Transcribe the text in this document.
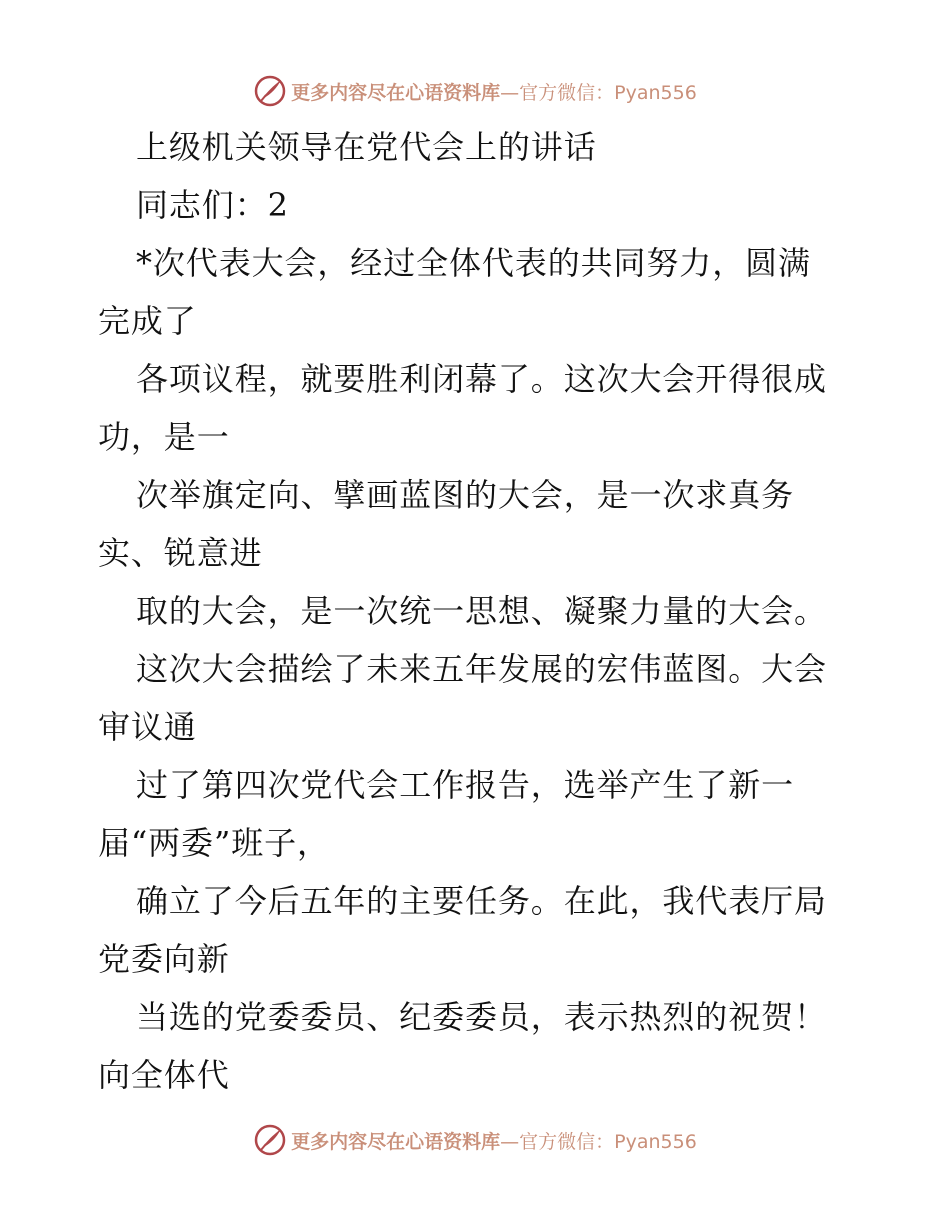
更多内容尽在心语资料库—官方微信：Pyan556
上级机关领导在党代会上的讲话
同志们：2
*次代表大会，经过全体代表的共同努力，圆满
完成了
各项议程，就要胜利闭幕了。这次大会开得很成
功，是一
次举旗定向、擘画蓝图的大会，是一次求真务
实、锐意进
取的大会，是一次统一思想、凝聚力量的大会。
这次大会描绘了未来五年发展的宏伟蓝图。大会
审议通
过了第四次党代会工作报告，选举产生了新一
届“两委”班子，
确立了今后五年的主要任务。在此，我代表厅局
党委向新
当选的党委委员、纪委委员，表示热烈的祝贺！
向全体代
更多内容尽在心语资料库—官方微信：Pyan556
